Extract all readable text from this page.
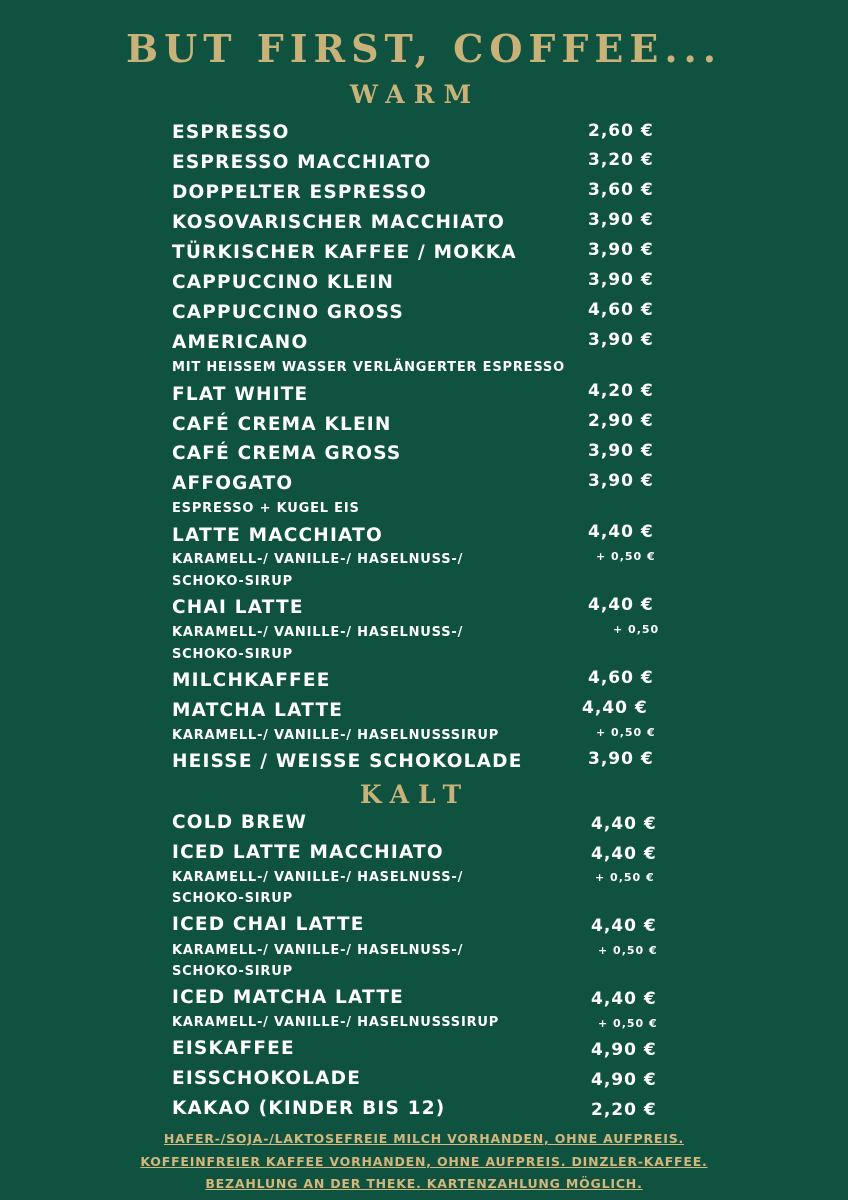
BUT FIRST, COFFEE...
WARM
ESPRESSO	2,60 €
ESPRESSO MACCHIATO	3,20 €
DOPPELTER ESPRESSO	3,60 €
KOSOVARISCHER MACCHIATO	3,90 €
TÜRKISCHER KAFFEE / MOKKA	3,90 €
CAPPUCCINO KLEIN	3,90 €
CAPPUCCINO GROSS	4,60 €
AMERICANO	3,90 €
MIT HEISSEM WASSER VERLÄNGERTER ESPRESSO
FLAT WHITE	4,20 €
CAFÉ CREMA KLEIN	2,90 €
CAFÉ CREMA GROSS	3,90 €
AFFOGATO	3,90 €
ESPRESSO + KUGEL EIS
LATTE MACCHIATO	4,40 €
KARAMELL-/ VANILLE-/ HASELNUSS-/	+ 0,50 €
SCHOKO-SIRUP
CHAI LATTE	4,40 €
KARAMELL-/ VANILLE-/ HASELNUSS-/	+ 0,50
SCHOKO-SIRUP
MILCHKAFFEE	4,60 €
MATCHA LATTE	4,40 €
KARAMELL-/ VANILLE-/ HASELNUSSSIRUP	+ 0,50 €
HEISSE / WEISSE SCHOKOLADE	3,90 €
KALT
COLD BREW	4,40 €
ICED LATTE MACCHIATO	4,40 €
KARAMELL-/ VANILLE-/ HASELNUSS-/	+ 0,50 €
SCHOKO-SIRUP
ICED CHAI LATTE	4,40 €
KARAMELL-/ VANILLE-/ HASELNUSS-/	+ 0,50 €
SCHOKO-SIRUP
ICED MATCHA LATTE	4,40 €
KARAMELL-/ VANILLE-/ HASELNUSSSIRUP	+ 0,50 €
EISKAFFEE	4,90 €
EISSCHOKOLADE	4,90 €
KAKAO (KINDER BIS 12)	2,20 €
HAFER-/SOJA-/LAKTOSEFREIE MILCH VORHANDEN, OHNE AUFPREIS.
KOFFEINFREIER KAFFEE VORHANDEN, OHNE AUFPREIS. DINZLER-KAFFEE.
BEZAHLUNG AN DER THEKE. KARTENZAHLUNG MÖGLICH.
